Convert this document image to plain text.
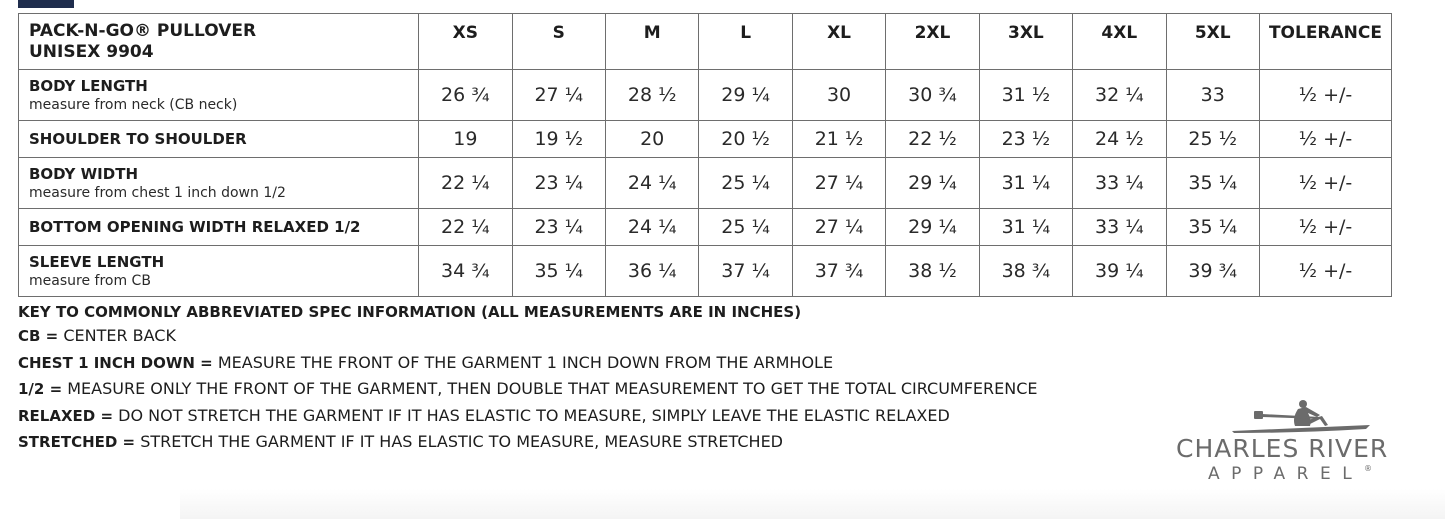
PACK-N-GO® PULLOVER
UNISEX 9904	XS	S	M	L	XL	2XL	3XL	4XL	5XL	TOLERANCE

BODY LENGTH
measure from neck (CB neck)	26 ¾	27 ¼	28 ½	29 ¼	30	30 ¾	31 ½	32 ¼	33	½ +/-

SHOULDER TO SHOULDER	19	19 ½	20	20 ½	21 ½	22 ½	23 ½	24 ½	25 ½	½ +/-

BODY WIDTH
measure from chest 1 inch down 1/2	22 ¼	23 ¼	24 ¼	25 ¼	27 ¼	29 ¼	31 ¼	33 ¼	35 ¼	½ +/-

BOTTOM OPENING WIDTH RELAXED 1/2	22 ¼	23 ¼	24 ¼	25 ¼	27 ¼	29 ¼	31 ¼	33 ¼	35 ¼	½ +/-

SLEEVE LENGTH
measure from CB	34 ¾	35 ¼	36 ¼	37 ¼	37 ¾	38 ½	38 ¾	39 ¼	39 ¾	½ +/-
KEY TO COMMONLY ABBREVIATED SPEC INFORMATION (ALL MEASUREMENTS ARE IN INCHES)
CB = CENTER BACK
CHEST 1 INCH DOWN = MEASURE THE FRONT OF THE GARMENT 1 INCH DOWN FROM THE ARMHOLE
1/2 = MEASURE ONLY THE FRONT OF THE GARMENT, THEN DOUBLE THAT MEASUREMENT TO GET THE TOTAL CIRCUMFERENCE
RELAXED = DO NOT STRETCH THE GARMENT IF IT HAS ELASTIC TO MEASURE, SIMPLY LEAVE THE ELASTIC RELAXED
STRETCHED = STRETCH THE GARMENT IF IT HAS ELASTIC TO MEASURE, MEASURE STRETCHED	CHARLES RIVER
APPAREL ®
